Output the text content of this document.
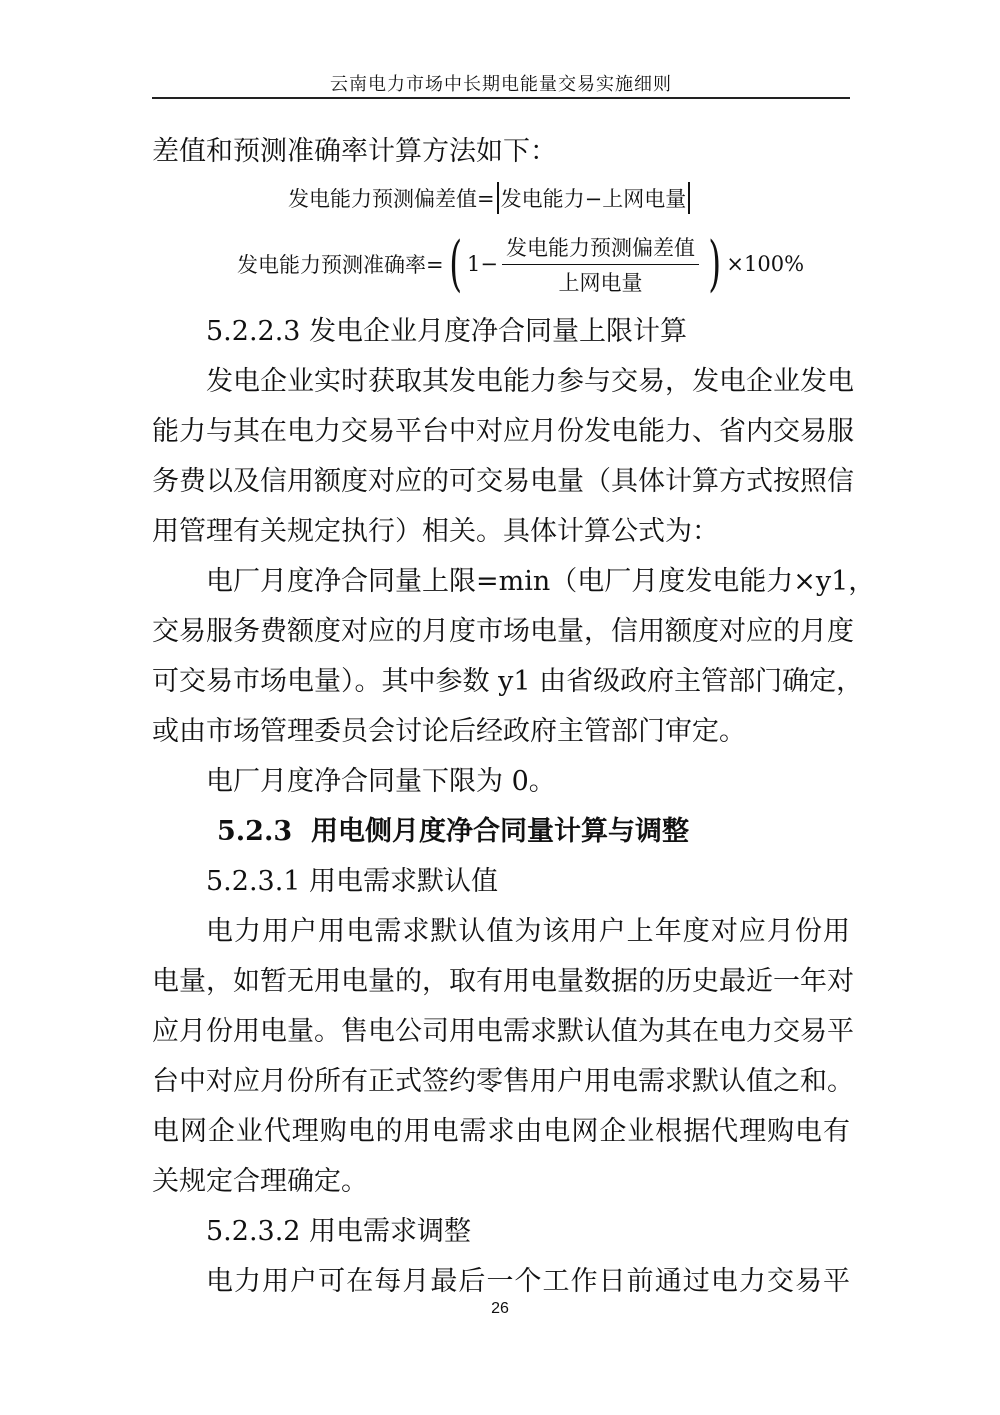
云南电力市场中长期电能量交易实施细则
差值和预测准确率计算方法如下：
发电能力预测偏差值= 发电能力−上网电量
发电能力预测准确率= ( $1- \frac{\text{发电能力预测偏差值}}{\text{上网电量}}$ ) ×100%
5.2.2.3 发电企业月度净合同量上限计算
发电企业实时获取其发电能力参与交易，发电企业发电
能力与其在电力交易平台中对应月份发电能力、省内交易服
务费以及信用额度对应的可交易电量（具体计算方式按照信
用管理有关规定执行）相关。具体计算公式为：
电厂月度净合同量上限=min（电厂月度发电能力×y1，
交易服务费额度对应的月度市场电量，信用额度对应的月度
可交易市场电量）。其中参数 y1 由省级政府主管部门确定，
或由市场管理委员会讨论后经政府主管部门审定。
电厂月度净合同量下限为 0。
5.2.3 用电侧月度净合同量计算与调整
5.2.3.1 用电需求默认值
电力用户用电需求默认值为该用户上年度对应月份用
电量，如暂无用电量的，取有用电量数据的历史最近一年对
应月份用电量。售电公司用电需求默认值为其在电力交易平
台中对应月份所有正式签约零售用户用电需求默认值之和。
电网企业代理购电的用电需求由电网企业根据代理购电有
关规定合理确定。
5.2.3.2 用电需求调整
电力用户可在每月最后一个工作日前通过电力交易平
26
